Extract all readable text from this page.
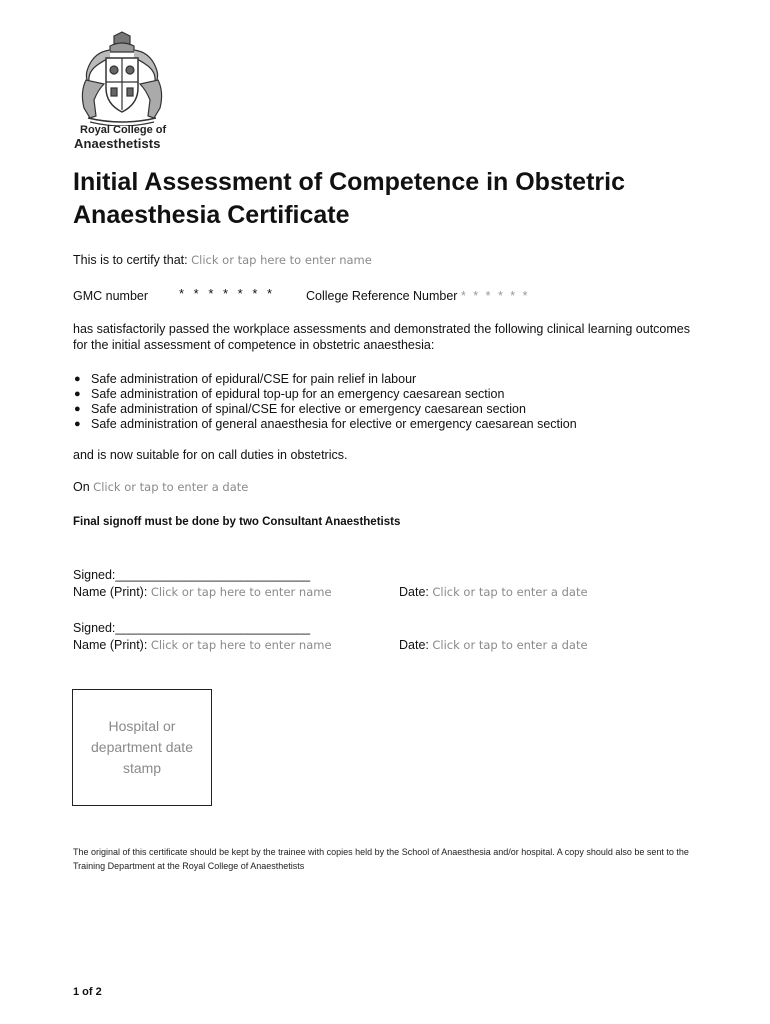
Royal College of
Anaesthetists
Initial Assessment of Competence in Obstetric Anaesthesia Certificate
This is to certify that: Click or tap here to enter name
GMC number * * * * * * * College Reference Number * * * * * *
has satisfactorily passed the workplace assessments and demonstrated the following clinical learning outcomes for the initial assessment of competence in obstetric anaesthesia:
● Safe administration of epidural/CSE for pain relief in labour
● Safe administration of epidural top-up for an emergency caesarean section
● Safe administration of spinal/CSE for elective or emergency caesarean section
● Safe administration of general anaesthesia for elective or emergency caesarean section
and is now suitable for on call duties in obstetrics.
On Click or tap to enter a date
Final signoff must be done by two Consultant Anaesthetists
Signed:____________________________
Name (Print): Click or tap here to enter name	Date: Click or tap to enter a date
Signed:____________________________
Name (Print): Click or tap here to enter name	Date: Click or tap to enter a date
Hospital or department date stamp
The original of this certificate should be kept by the trainee with copies held by the School of Anaesthesia and/or hospital. A copy should also be sent to the Training Department at the Royal College of Anaesthetists
1 of 2
